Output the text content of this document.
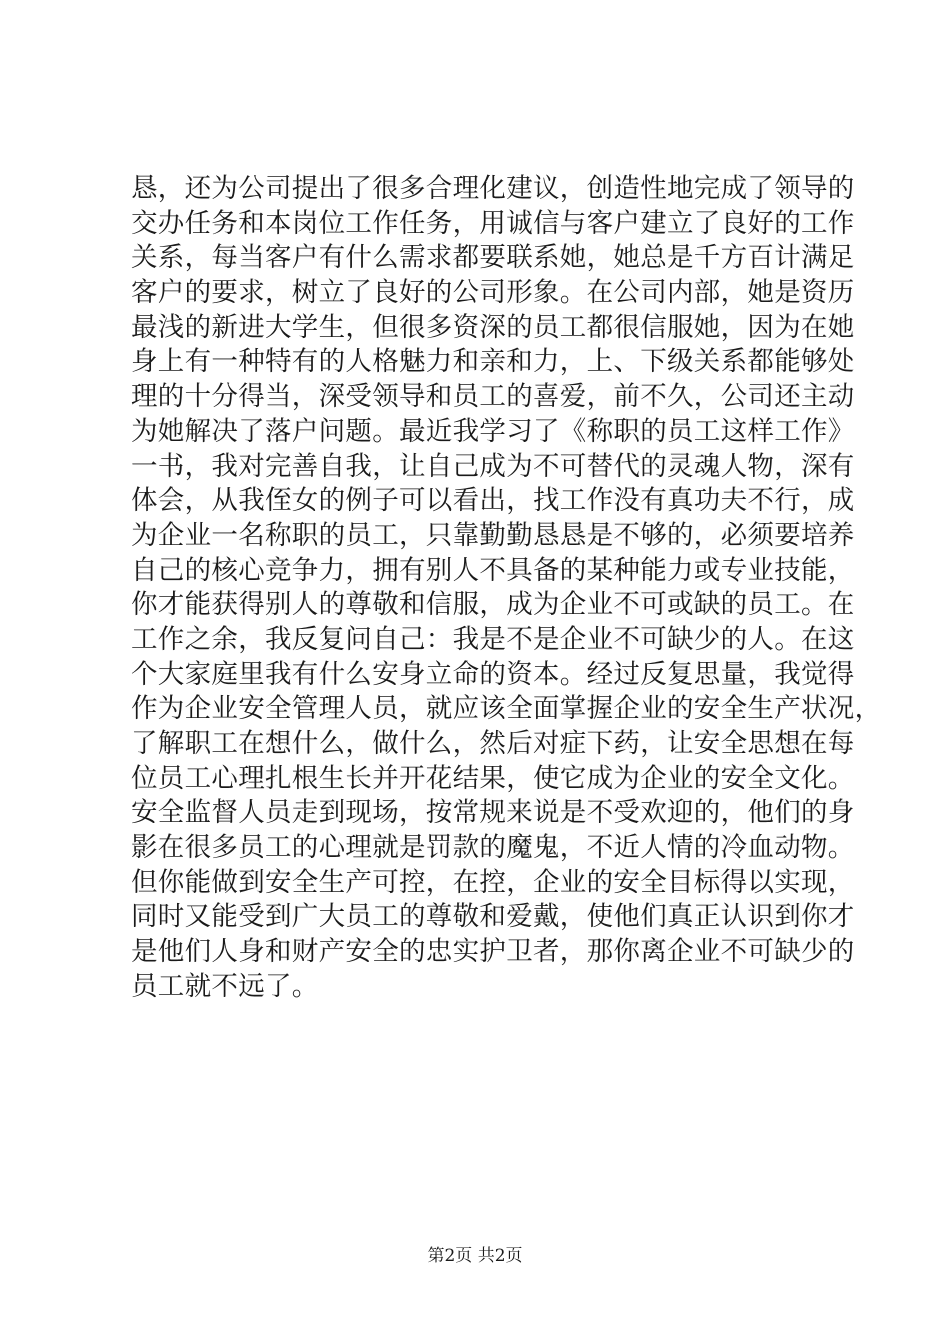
恳，还为公司提出了很多合理化建议，创造性地完成了领导的
交办任务和本岗位工作任务，用诚信与客户建立了良好的工作
关系，每当客户有什么需求都要联系她，她总是千方百计满足
客户的要求，树立了良好的公司形象。在公司内部，她是资历
最浅的新进大学生，但很多资深的员工都很信服她，因为在她
身上有一种特有的人格魅力和亲和力，上、下级关系都能够处
理的十分得当，深受领导和员工的喜爱，前不久，公司还主动
为她解决了落户问题。最近我学习了《称职的员工这样工作》
一书，我对完善自我，让自己成为不可替代的灵魂人物，深有
体会，从我侄女的例子可以看出，找工作没有真功夫不行，成
为企业一名称职的员工，只靠勤勤恳恳是不够的，必须要培养
自己的核心竞争力，拥有别人不具备的某种能力或专业技能，
你才能获得别人的尊敬和信服，成为企业不可或缺的员工。在
工作之余，我反复问自己：我是不是企业不可缺少的人。在这
个大家庭里我有什么安身立命的资本。经过反复思量，我觉得
作为企业安全管理人员，就应该全面掌握企业的安全生产状况，
了解职工在想什么，做什么，然后对症下药，让安全思想在每
位员工心理扎根生长并开花结果，使它成为企业的安全文化。
安全监督人员走到现场，按常规来说是不受欢迎的，他们的身
影在很多员工的心理就是罚款的魔鬼，不近人情的冷血动物。
但你能做到安全生产可控，在控，企业的安全目标得以实现，
同时又能受到广大员工的尊敬和爱戴，使他们真正认识到你才
是他们人身和财产安全的忠实护卫者，那你离企业不可缺少的
员工就不远了。
第2页 共2页
